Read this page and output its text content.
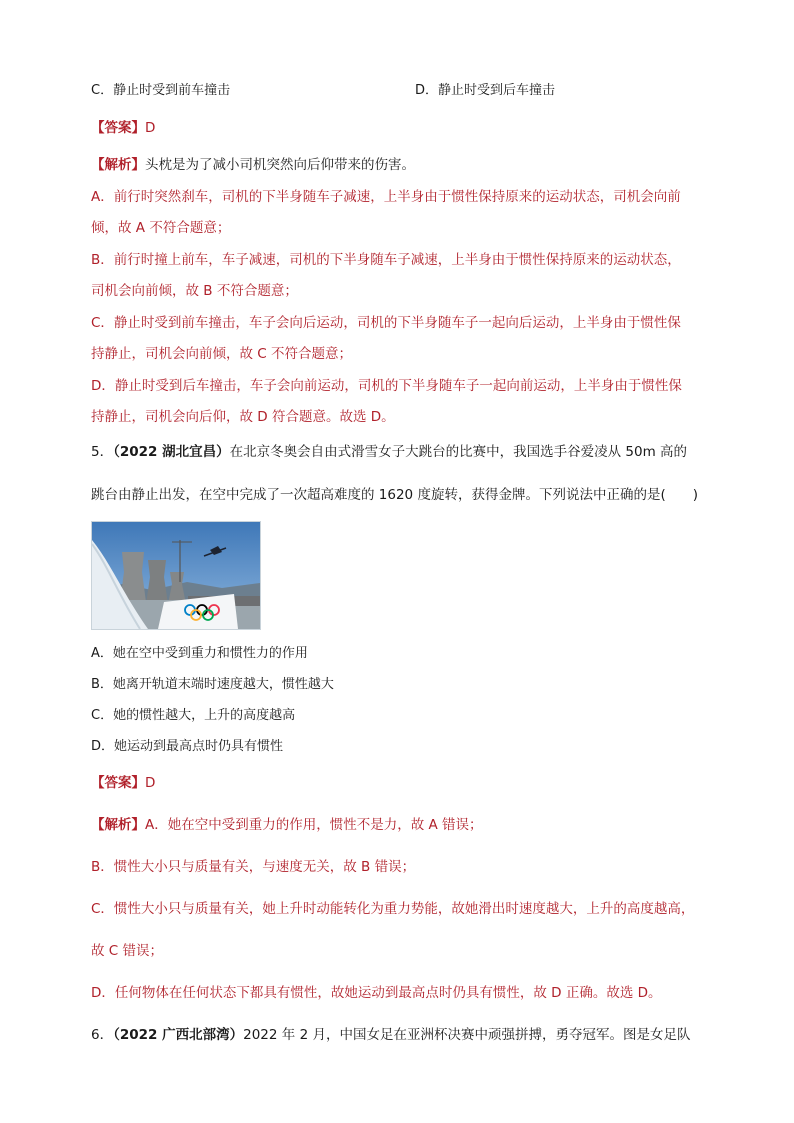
C．静止时受到前车撞击	D．静止时受到后车撞击
【答案】D
【解析】头枕是为了减小司机突然向后仰带来的伤害。
A．前行时突然刹车，司机的下半身随车子减速，上半身由于惯性保持原来的运动状态，司机会向前
倾，故 A 不符合题意；
B．前行时撞上前车，车子减速，司机的下半身随车子减速，上半身由于惯性保持原来的运动状态，
司机会向前倾，故 B 不符合题意；
C．静止时受到前车撞击，车子会向后运动，司机的下半身随车子一起向后运动，上半身由于惯性保
持静止，司机会向前倾，故 C 不符合题意；
D．静止时受到后车撞击，车子会向前运动，司机的下半身随车子一起向前运动，上半身由于惯性保
持静止，司机会向后仰，故 D 符合题意。故选 D。
5．（2022 湖北宜昌）在北京冬奥会自由式滑雪女子大跳台的比赛中，我国选手谷爱凌从 50m 高的
跳台由静止出发，在空中完成了一次超高难度的 1620 度旋转，获得金牌。下列说法中正确的是(　　)
A．她在空中受到重力和惯性力的作用
B．她离开轨道末端时速度越大，惯性越大
C．她的惯性越大，上升的高度越高
D．她运动到最高点时仍具有惯性
【答案】D
【解析】A．她在空中受到重力的作用，惯性不是力，故 A 错误；
B．惯性大小只与质量有关，与速度无关，故 B 错误；
C．惯性大小只与质量有关，她上升时动能转化为重力势能，故她滑出时速度越大，上升的高度越高，
故 C 错误；
D．任何物体在任何状态下都具有惯性，故她运动到最高点时仍具有惯性，故 D 正确。故选 D。
6．（2022 广西北部湾）2022 年 2 月，中国女足在亚洲杯决赛中顽强拼搏，勇夺冠军。图是女足队
